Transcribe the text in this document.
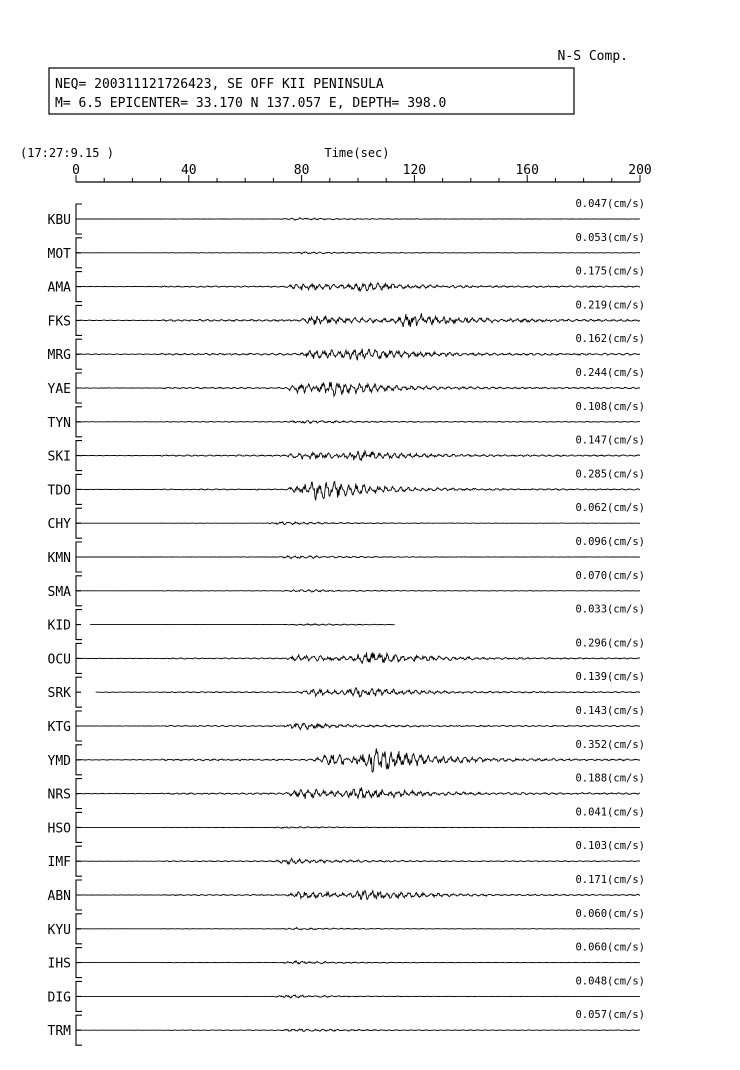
N-S Comp.
NEQ= 200311121726423, SE OFF KII PENINSULA
M= 6.5 EPICENTER= 33.170 N 137.057 E, DEPTH= 398.0
(17:27:9.15 )	Time(sec)
0	40	80	120	160	200
KBU
0.047(cm/s)
MOT
0.053(cm/s)
AMA
0.175(cm/s)
FKS
0.219(cm/s)
MRG
0.162(cm/s)
YAE
0.244(cm/s)
TYN
0.108(cm/s)
SKI
0.147(cm/s)
TDO
0.285(cm/s)
CHY
0.062(cm/s)
KMN
0.096(cm/s)
SMA
0.070(cm/s)
KID
0.033(cm/s)
OCU
0.296(cm/s)
SRK
0.139(cm/s)
KTG
0.143(cm/s)
YMD
0.352(cm/s)
NRS
0.188(cm/s)
HSO
0.041(cm/s)
IMF
0.103(cm/s)
ABN
0.171(cm/s)
KYU
0.060(cm/s)
IHS
0.060(cm/s)
DIG
0.048(cm/s)
TRM
0.057(cm/s)
